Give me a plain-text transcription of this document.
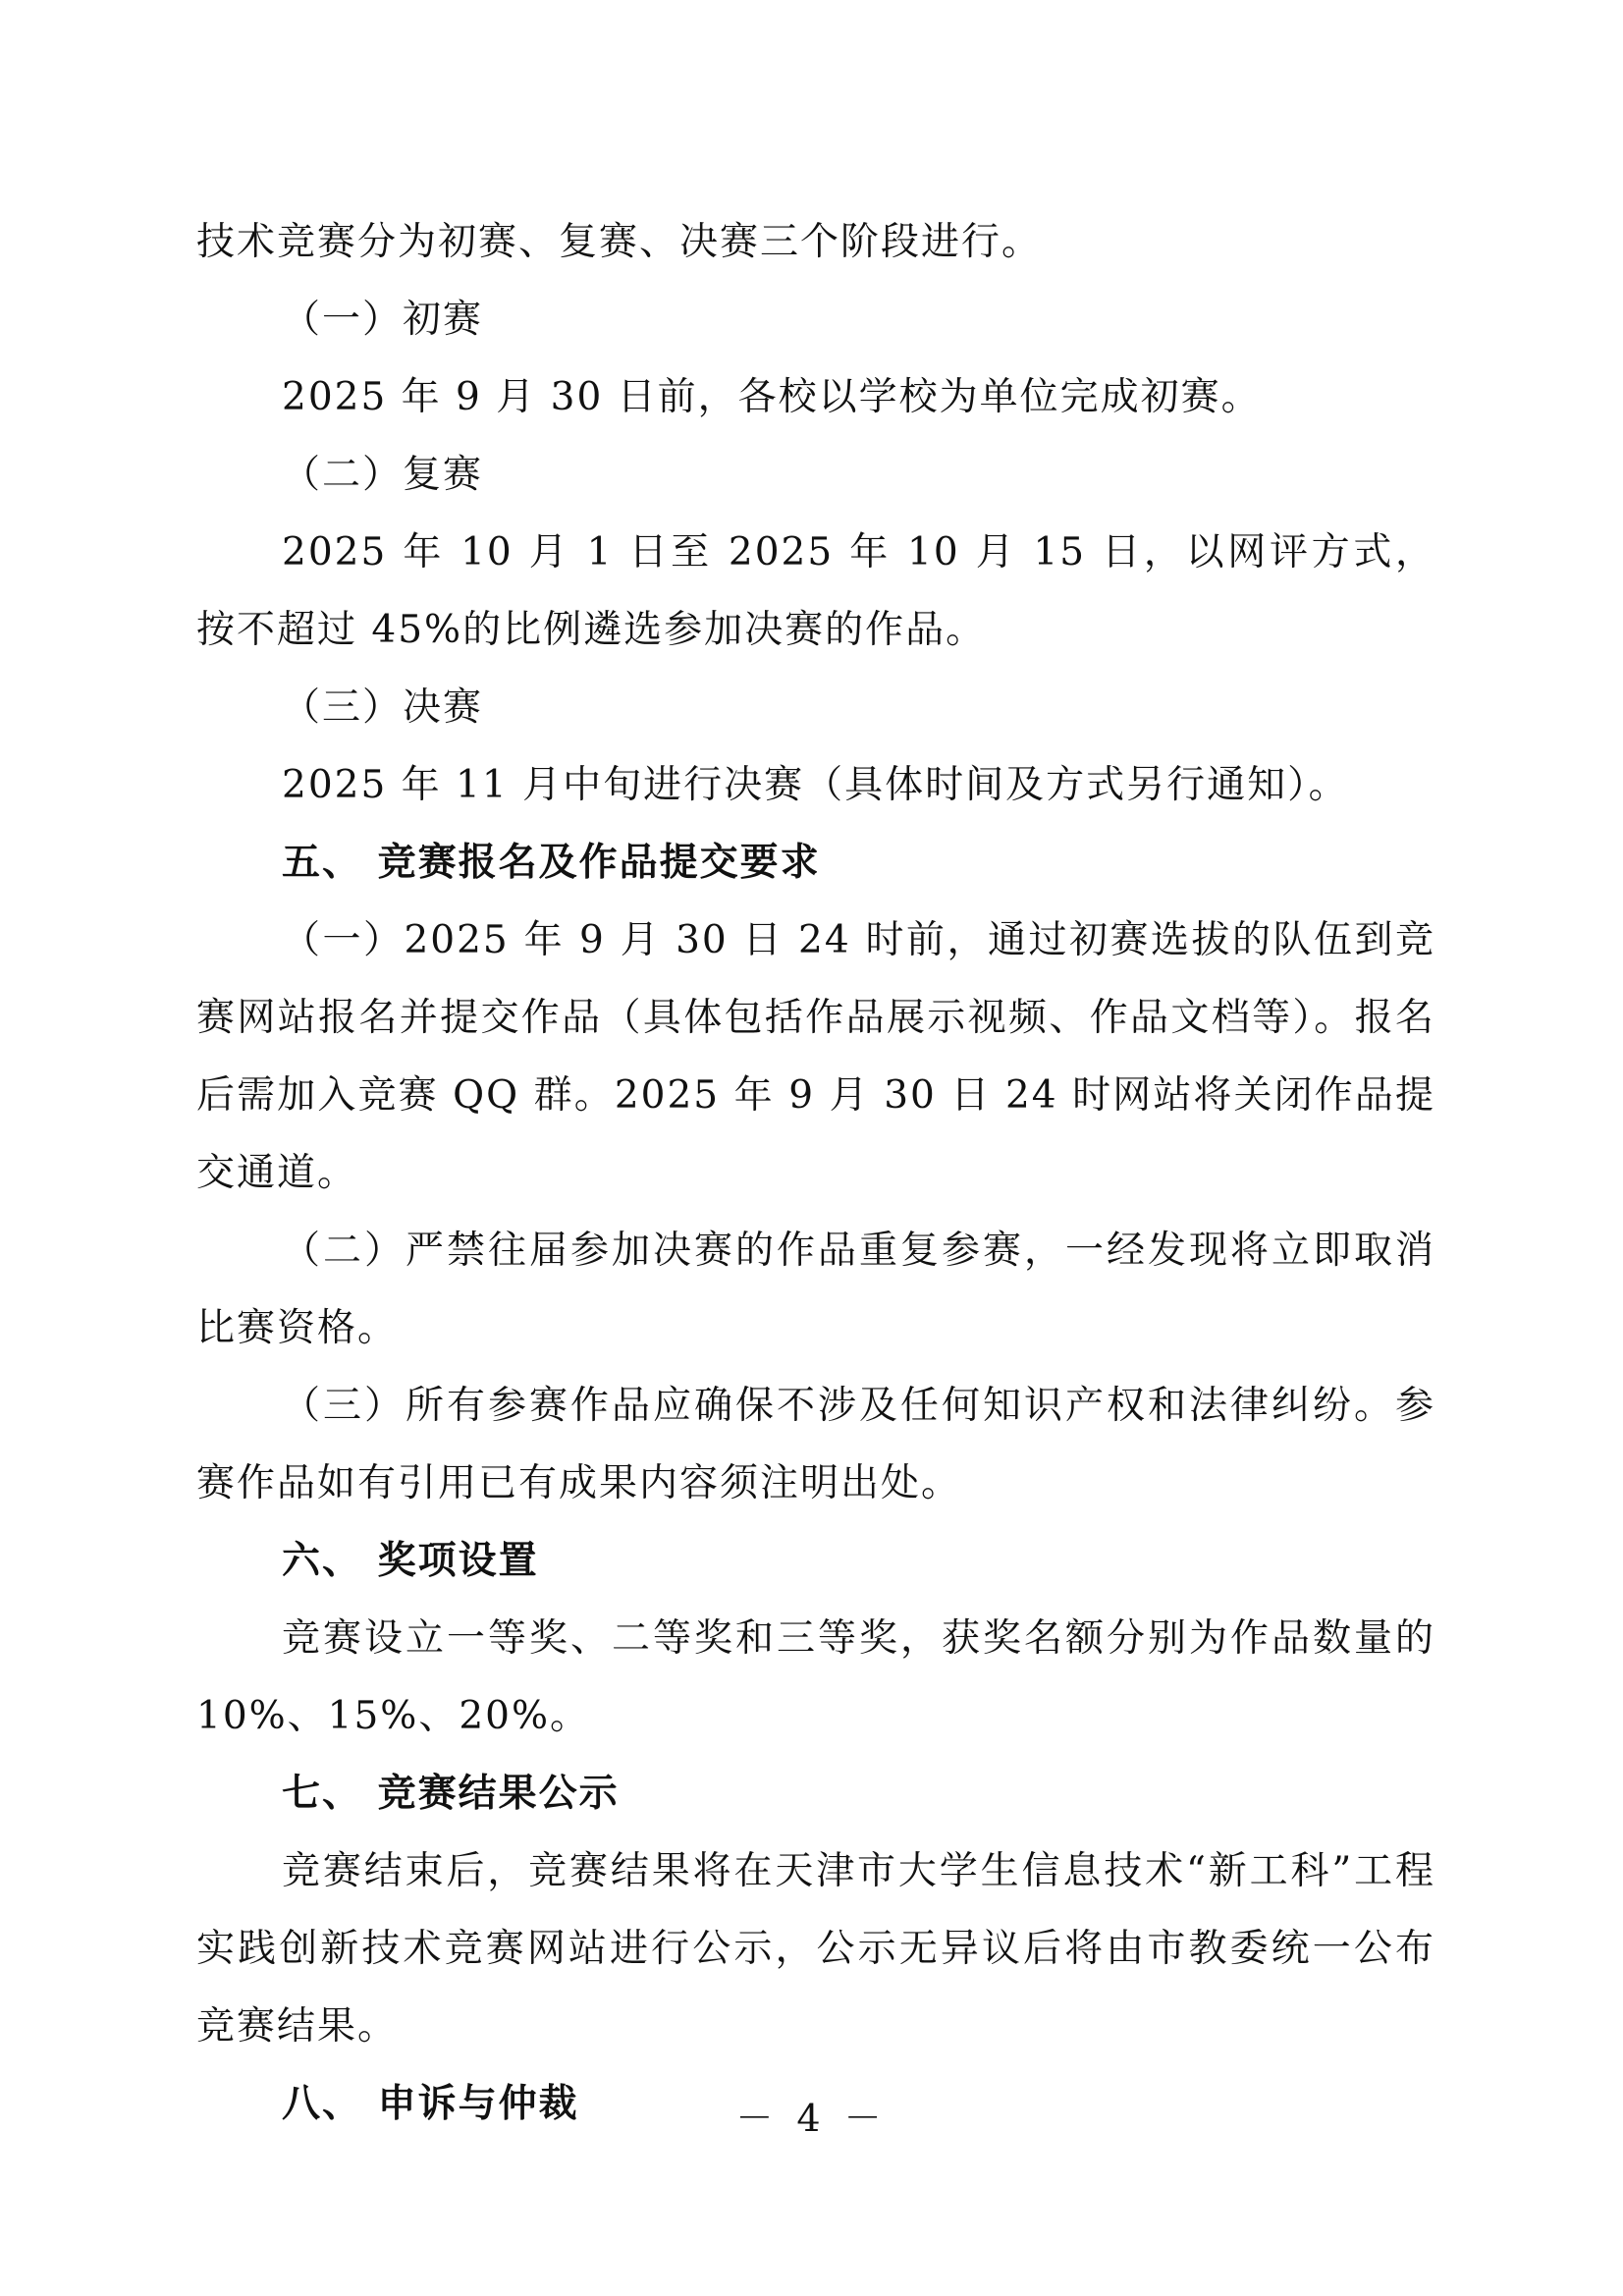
技术竞赛分为初赛、复赛、决赛三个阶段进行。

（一）初赛

2025 年 9 月 30 日前，各校以学校为单位完成初赛。

（二）复赛

2025 年 10 月 1 日至 2025 年 10 月 15 日，以网评方式，按不超过 45%的比例遴选参加决赛的作品。

（三）决赛

2025 年 11 月中旬进行决赛（具体时间及方式另行通知）。

五、 竞赛报名及作品提交要求

（一）2025 年 9 月 30 日 24 时前，通过初赛选拔的队伍到竞赛网站报名并提交作品（具体包括作品展示视频、作品文档等）。报名后需加入竞赛 QQ 群。2025 年 9 月 30 日 24 时网站将关闭作品提交通道。

（二）严禁往届参加决赛的作品重复参赛，一经发现将立即取消比赛资格。

（三）所有参赛作品应确保不涉及任何知识产权和法律纠纷。参赛作品如有引用已有成果内容须注明出处。

六、 奖项设置

竞赛设立一等奖、二等奖和三等奖，获奖名额分别为作品数量的 10%、15%、20%。

七、 竞赛结果公示

竞赛结束后，竞赛结果将在天津市大学生信息技术“新工科”工程实践创新技术竞赛网站进行公示，公示无异议后将由市教委统一公布竞赛结果。

八、 申诉与仲裁	－ 4 －
